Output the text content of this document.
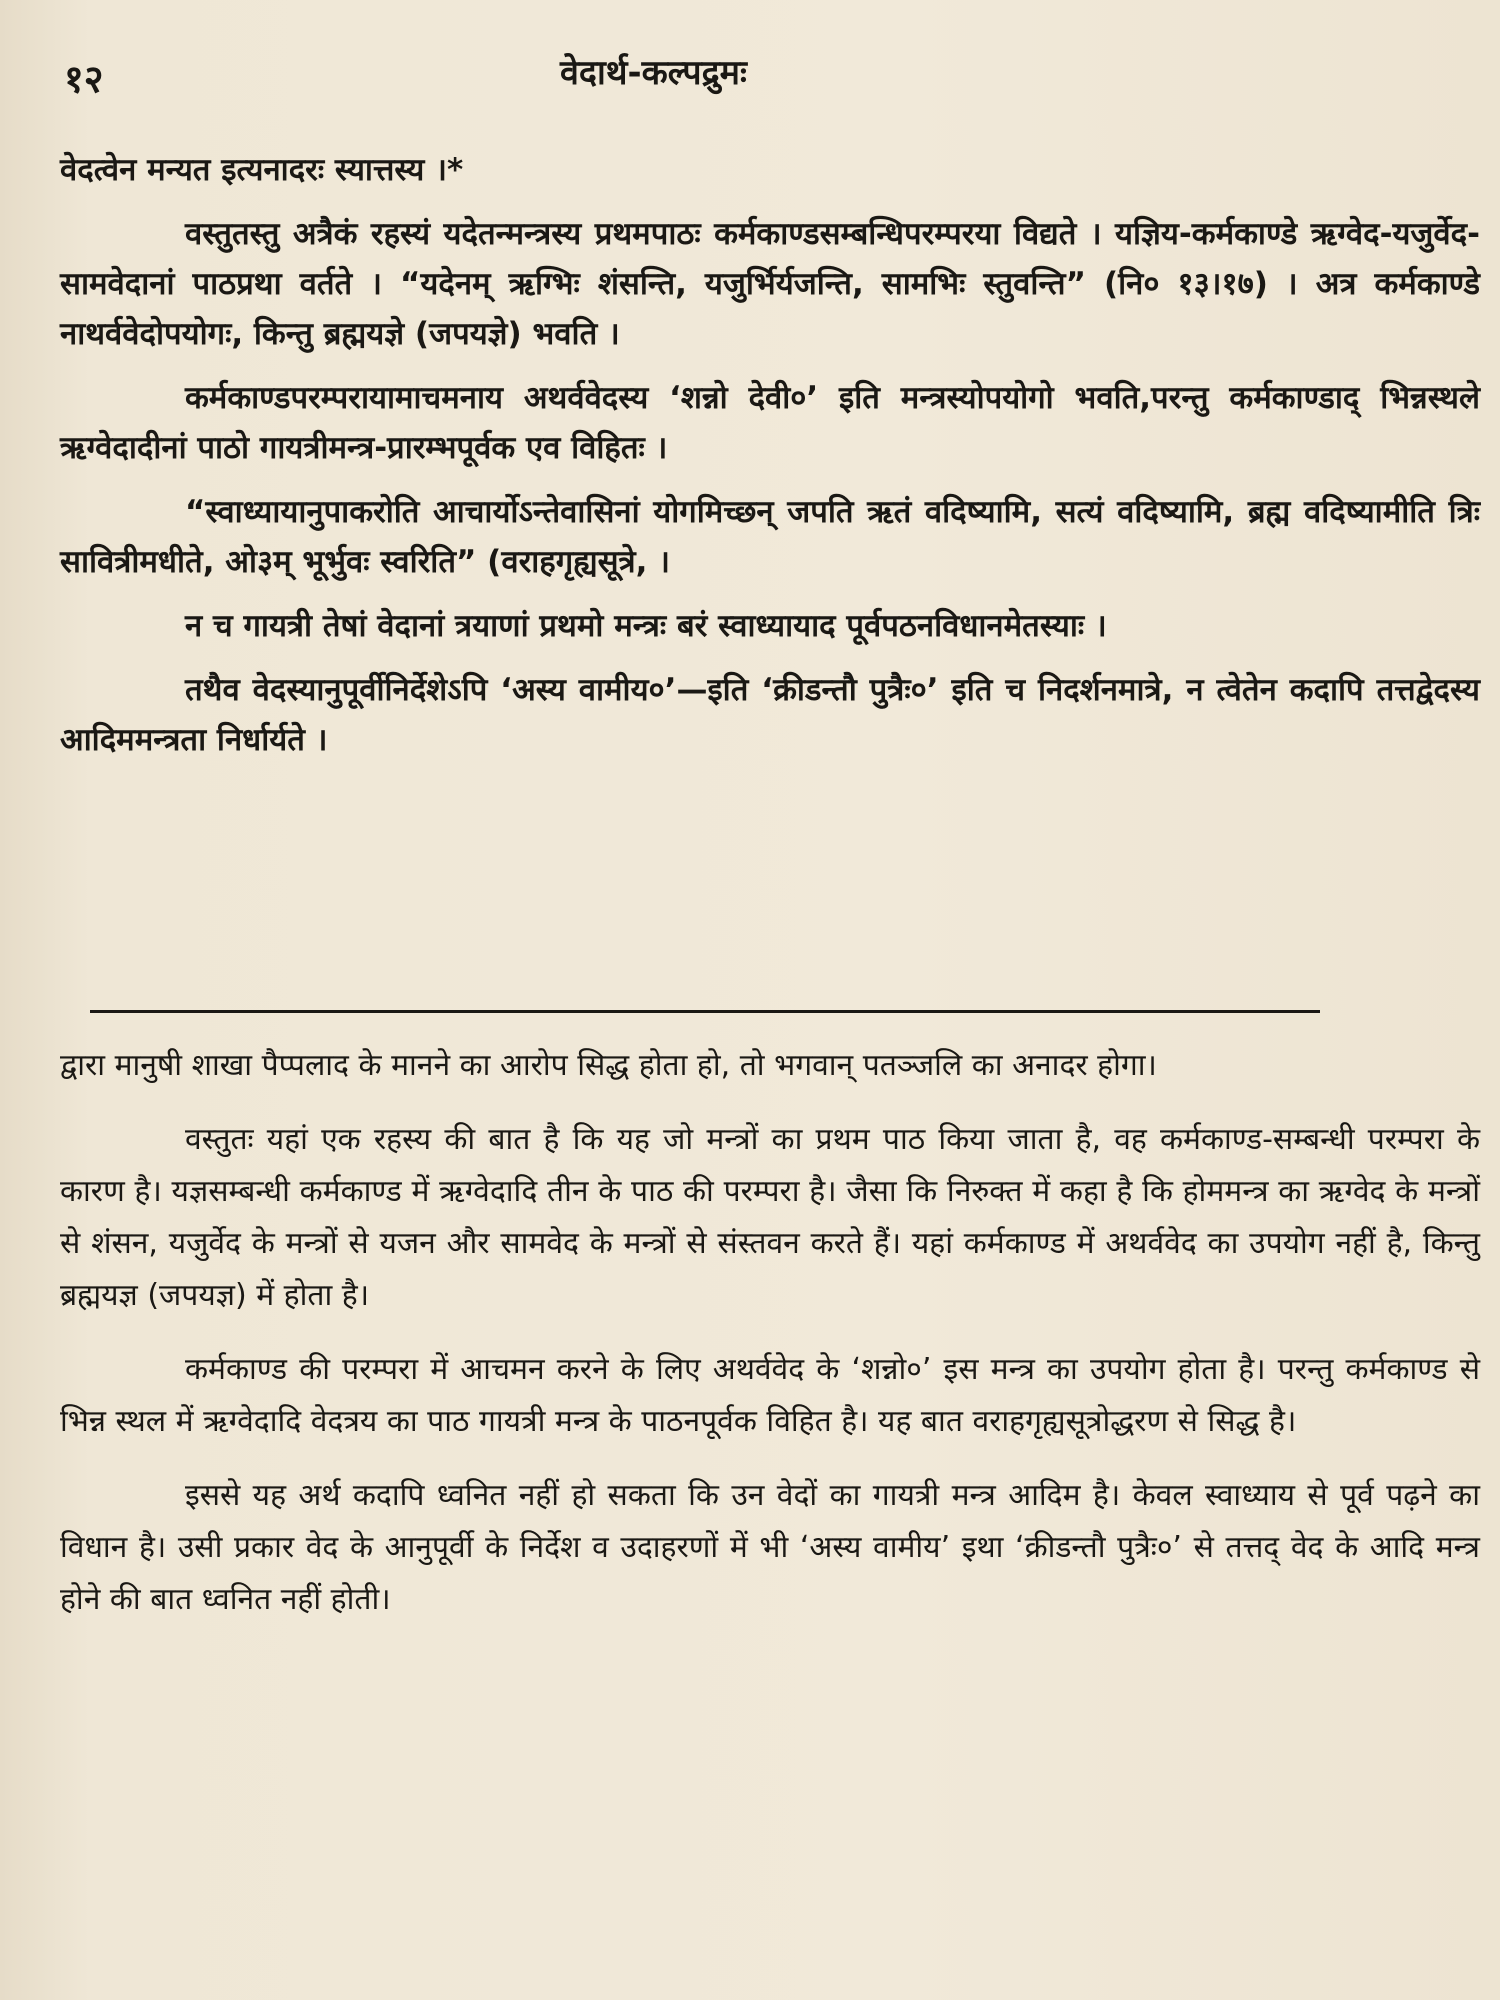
१२	वेदार्थ-कल्पद्रुमः

वेदत्वेन मन्यत इत्यनादरः स्यात्तस्य ।*

वस्तुतस्तु अत्रैकं रहस्यं यदेतन्मन्त्रस्य प्रथमपाठः कर्मकाण्डसम्बन्धिपरम्परया विद्यते । यज्ञिय-कर्मकाण्डे ऋग्वेद-यजुर्वेद-सामवेदानां पाठप्रथा वर्तते । “यदेनम् ऋग्भिः शंसन्ति, यजुर्भिर्यजन्ति, सामभिः स्तुवन्ति” (नि० १३।१७) । अत्र कर्मकाण्डे नाथर्ववेदोपयोगः, किन्तु ब्रह्मयज्ञे (जपयज्ञे) भवति ।

कर्मकाण्डपरम्परायामाचमनाय अथर्ववेदस्य ‘शन्नो देवी०’ इति मन्त्रस्योपयोगो भवति,परन्तु कर्मकाण्डाद् भिन्नस्थले ऋग्वेदादीनां पाठो गायत्रीमन्त्र-प्रारम्भपूर्वक एव विहितः ।

“स्वाध्यायानुपाकरोति आचार्योऽन्तेवासिनां योगमिच्छन् जपति ऋतं वदिष्यामि, सत्यं वदिष्यामि, ब्रह्म वदिष्यामीति त्रिः सावित्रीमधीते, ओ३म् भूर्भुवः स्वरिति” (वराहगृह्यसूत्रे, ।

न च गायत्री तेषां वेदानां त्रयाणां प्रथमो मन्त्रः बरं स्वाध्यायाद पूर्वपठनविधानमेतस्याः ।

तथैव वेदस्यानुपूर्वीनिर्देशेऽपि ‘अस्य वामीय०’—इति ‘क्रीडन्तौ पुत्रैः०’ इति च निदर्शनमात्रे, न त्वेतेन कदापि तत्तद्वेदस्य आदिममन्त्रता निर्धार्यते ।

द्वारा मानुषी शाखा पैप्पलाद के मानने का आरोप सिद्ध होता हो, तो भगवान् पतञ्जलि का अनादर होगा।

वस्तुतः यहां एक रहस्य की बात है कि यह जो मन्त्रों का प्रथम पाठ किया जाता है, वह कर्मकाण्ड-सम्बन्धी परम्परा के कारण है। यज्ञसम्बन्धी कर्मकाण्ड में ऋग्वेदादि तीन के पाठ की परम्परा है। जैसा कि निरुक्त में कहा है कि होममन्त्र का ऋग्वेद के मन्त्रों से शंसन, यजुर्वेद के मन्त्रों से यजन और सामवेद के मन्त्रों से संस्तवन करते हैं। यहां कर्मकाण्ड में अथर्ववेद का उपयोग नहीं है, किन्तु ब्रह्मयज्ञ (जपयज्ञ) में होता है।

कर्मकाण्ड की परम्परा में आचमन करने के लिए अथर्ववेद के ‘शन्नो०’ इस मन्त्र का उपयोग होता है। परन्तु कर्मकाण्ड से भिन्न स्थल में ऋग्वेदादि वेदत्रय का पाठ गायत्री मन्त्र के पाठनपूर्वक विहित है। यह बात वराहगृह्यसूत्रोद्धरण से सिद्ध है।

इससे यह अर्थ कदापि ध्वनित नहीं हो सकता कि उन वेदों का गायत्री मन्त्र आदिम है। केवल स्वाध्याय से पूर्व पढ़ने का विधान है। उसी प्रकार वेद के आनुपूर्वी के निर्देश व उदाहरणों में भी ‘अस्य वामीय’ इथा ‘क्रीडन्तौ पुत्रैः०’ से तत्तद् वेद के आदि मन्त्र होने की बात ध्वनित नहीं होती।
